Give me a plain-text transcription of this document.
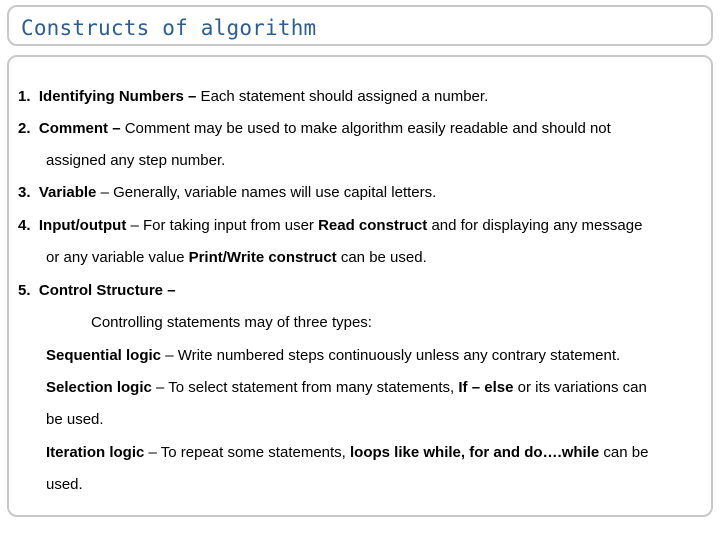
Constructs of algorithm
1. Identifying Numbers – Each statement should assigned a number.
2. Comment – Comment may be used to make algorithm easily readable and should not
assigned any step number.
3. Variable – Generally, variable names will use capital letters.
4. Input/output – For taking input from user Read construct and for displaying any message
or any variable value Print/Write construct can be used.
5. Control Structure –
Controlling statements may of three types:
Sequential logic – Write numbered steps continuously unless any contrary statement.
Selection logic – To select statement from many statements, If – else or its variations can
be used.
Iteration logic – To repeat some statements, loops like while, for and do….while can be
used.
